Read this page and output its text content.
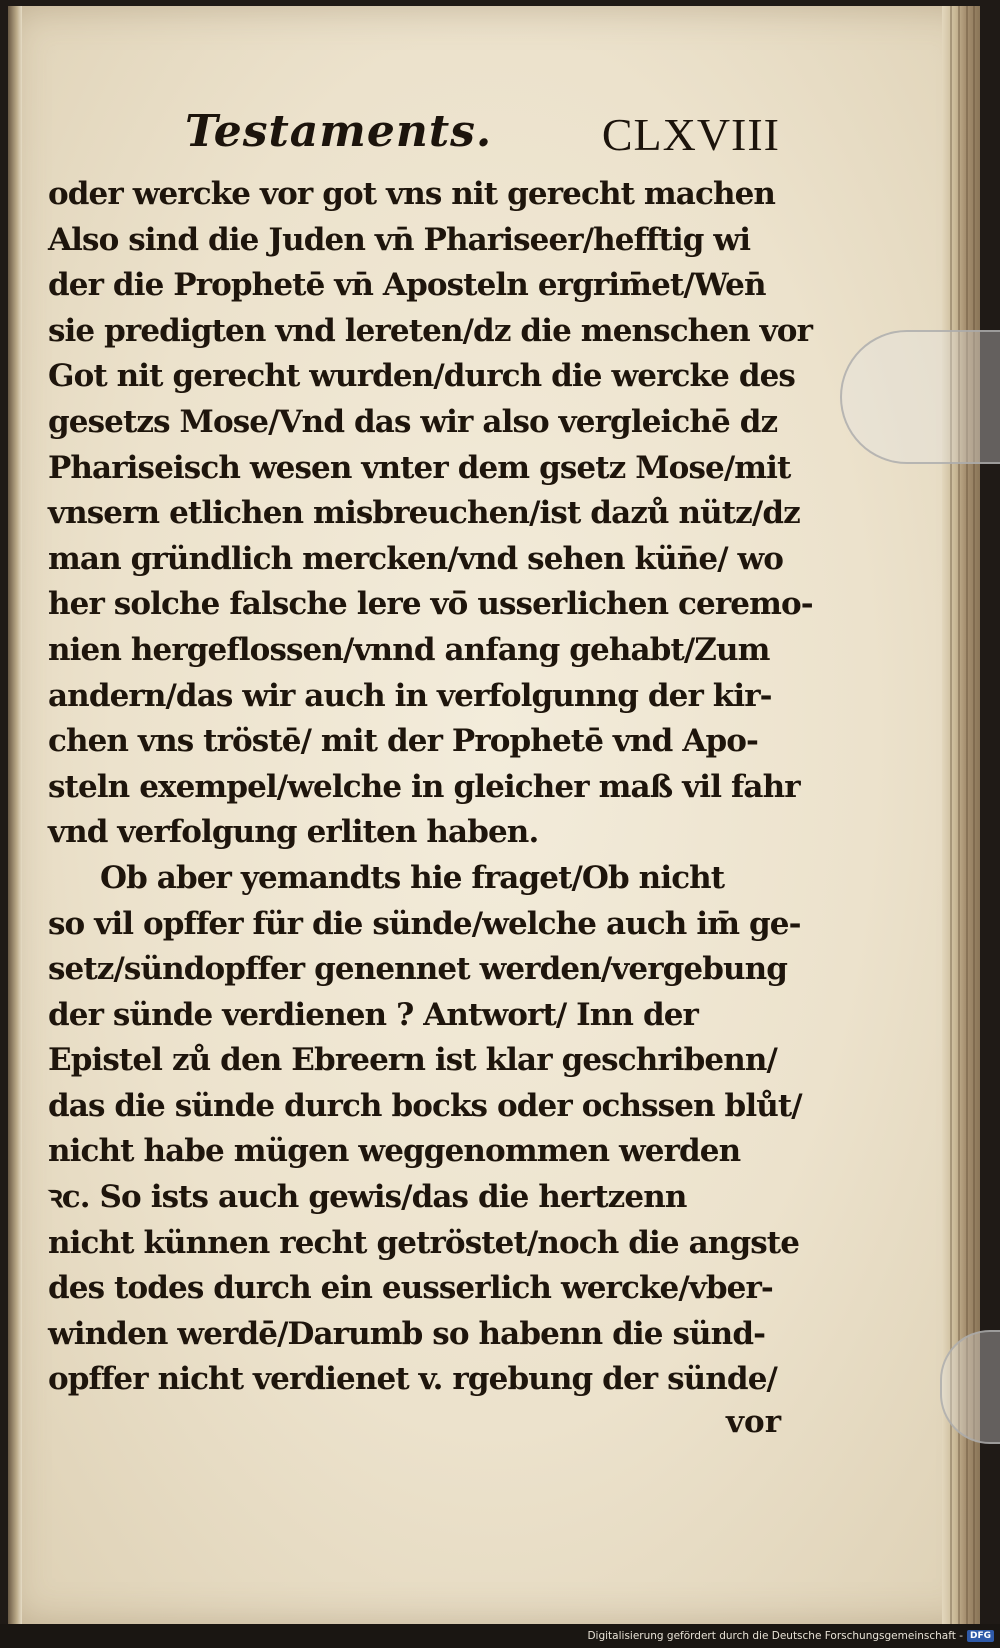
Testaments. CLXVIII
oder wercke vor got vns nit gerecht machen
Also sind die Juden vn̄ Phariseer/hefftig wi
der die Prophetē vn̄ Aposteln ergrim̄et/Wen̄
sie predigten vnd lereten/dz die menschen vor
Got nit gerecht wurden/durch die wercke des
gesetzs Mose/Vnd das wir also vergleichē dz
Phariseisch wesen vnter dem gsetz Mose/mit
vnsern etlichen misbreuchen/ist dazů nütz/dz
man gründlich mercken/vnd sehen kün̄e/ wo
her solche falsche lere vō̄ usserlichen ceremo-
nien hergeflossen/vnnd anfang gehabt/Zum
andern/das wir auch in verfolgunng der kir-
chen vns tröstē/ mit der Prophetē vnd Apo-
steln exempel/welche in gleicher maß vil fahr
vnd verfolgung erliten haben.
Ob aber yemandts hie fraget/Ob nicht
so vil opffer für die sünde/welche auch im̄ ge-
setz/sündopffer genennet werden/vergebung
der sünde verdienen ? Antwort/ Inn der
Epistel zů den Ebreern ist klar geschribenn/
das die sünde durch bocks oder ochssen blůt/
nicht habe mügen weggenommen werden
ꝛc. So ists auch gewis/das die hertzenn
nicht künnen recht getröstet/noch die angste
des todes durch ein eusserlich wercke/vber-
winden werdē/Darumb so habenn die sünd-
opffer nicht verdienet v. rgebung der sünde/
vor
Digitalisierung gefördert durch die Deutsche Forschungsgemeinschaft - DFG
